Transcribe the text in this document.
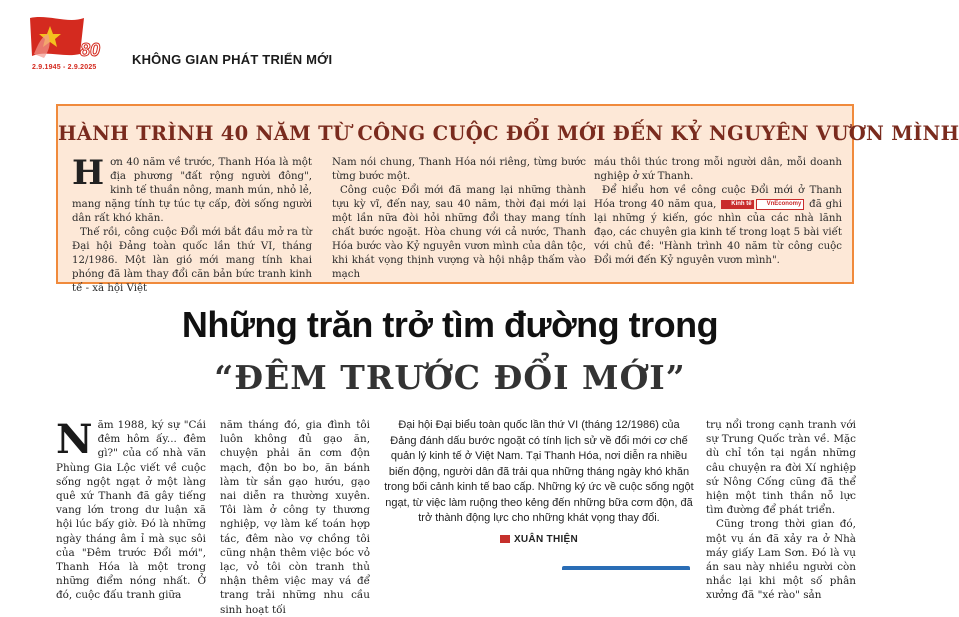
80
2.9.1945 - 2.9.2025
KHÔNG GIAN PHÁT TRIỂN MỚI
HÀNH TRÌNH 40 NĂM TỪ CÔNG CUỘC ĐỔI MỚI ĐẾN KỶ NGUYÊN VƯƠN MÌNH

Hơn 40 năm về trước, Thanh Hóa là một địa phương "đất rộng người đông", kinh tế thuần nông, manh mún, nhỏ lẻ, mang nặng tính tự túc tự cấp, đời sống người dân rất khó khăn.

Thế rồi, công cuộc Đổi mới bắt đầu mở ra từ Đại hội Đảng toàn quốc lần thứ VI, tháng 12/1986. Một làn gió mới mang tính khai phóng đã làm thay đổi căn bản bức tranh kinh tế - xã hội Việt

Nam nói chung, Thanh Hóa nói riêng, từng bước từng bước một.

Công cuộc Đổi mới đã mang lại những thành tựu kỳ vĩ, đến nay, sau 40 năm, thời đại mới lại một lần nữa đòi hỏi những đổi thay mang tính chất bước ngoặt. Hòa chung với cả nước, Thanh Hóa bước vào Kỷ nguyên vươn mình của dân tộc, khi khát vọng thịnh vượng và hội nhập thấm vào mạch

máu thôi thúc trong mỗi người dân, mỗi doanh nghiệp ở xứ Thanh.

Để hiểu hơn về công cuộc Đổi mới ở Thanh Hóa trong 40 năm qua, Kinh tế	VnEconomy đã ghi lại những ý kiến, góc nhìn của các nhà lãnh đạo, các chuyên gia kinh tế trong loạt 5 bài viết với chủ đề: "Hành trình 40 năm từ công cuộc Đổi mới đến Kỷ nguyên vươn mình".

Những trăn trở tìm đường trong
“ĐÊM TRƯỚC ĐỔI MỚI”

Năm 1988, ký sự "Cái đêm hôm ấy... đêm gì?" của cố nhà văn Phùng Gia Lộc viết về cuộc sống ngột ngạt ở một làng quê xứ Thanh đã gây tiếng vang lớn trong dư luận xã hội lúc bấy giờ. Đó là những ngày tháng âm ỉ mà sục sôi của "Đêm trước Đổi mới", Thanh Hóa là một trong những điểm nóng nhất. Ở đó, cuộc đấu tranh giữa

năm tháng đó, gia đình tôi luôn không đủ gạo ăn, chuyện phải ăn cơm độn mạch, độn bo bo, ăn bánh làm từ sắn gạo hướu, gạo nai diễn ra thường xuyên. Tôi làm ở công ty thương nghiệp, vợ làm kế toán hợp tác, đêm nào vợ chồng tôi cũng nhận thêm việc bóc vỏ lạc, vỏ tôi còn tranh thủ nhận thêm việc may vá để trang trải những nhu cầu sinh hoạt tối

Đại hội Đại biểu toàn quốc lần thứ VI (tháng 12/1986) của Đảng đánh dấu bước ngoặt có tính lịch sử về đổi mới cơ chế quản lý kinh tế ở Việt Nam. Tại Thanh Hóa, nơi diễn ra nhiều biến động, người dân đã trải qua những tháng ngày khó khăn trong bối cảnh kinh tế bao cấp. Những ký ức về cuộc sống ngột ngạt, từ việc làm ruộng theo kẻng đến những bữa cơm độn, đã trở thành động lực cho những khát vọng thay đổi.
XUÂN THIỆN

trụ nổi trong cạnh tranh với sự Trung Quốc tràn về. Mặc dù chỉ tồn tại ngắn những câu chuyện ra đời Xí nghiệp sứ Nông Cống cũng đã thể hiện một tinh thần nỗ lực tìm đường để phát triển.

Cũng trong thời gian đó, một vụ án đã xảy ra ở Nhà máy giấy Lam Sơn. Đó là vụ án sau này nhiều người còn nhắc lại khi một số phân xưởng đã "xé rào" sản
